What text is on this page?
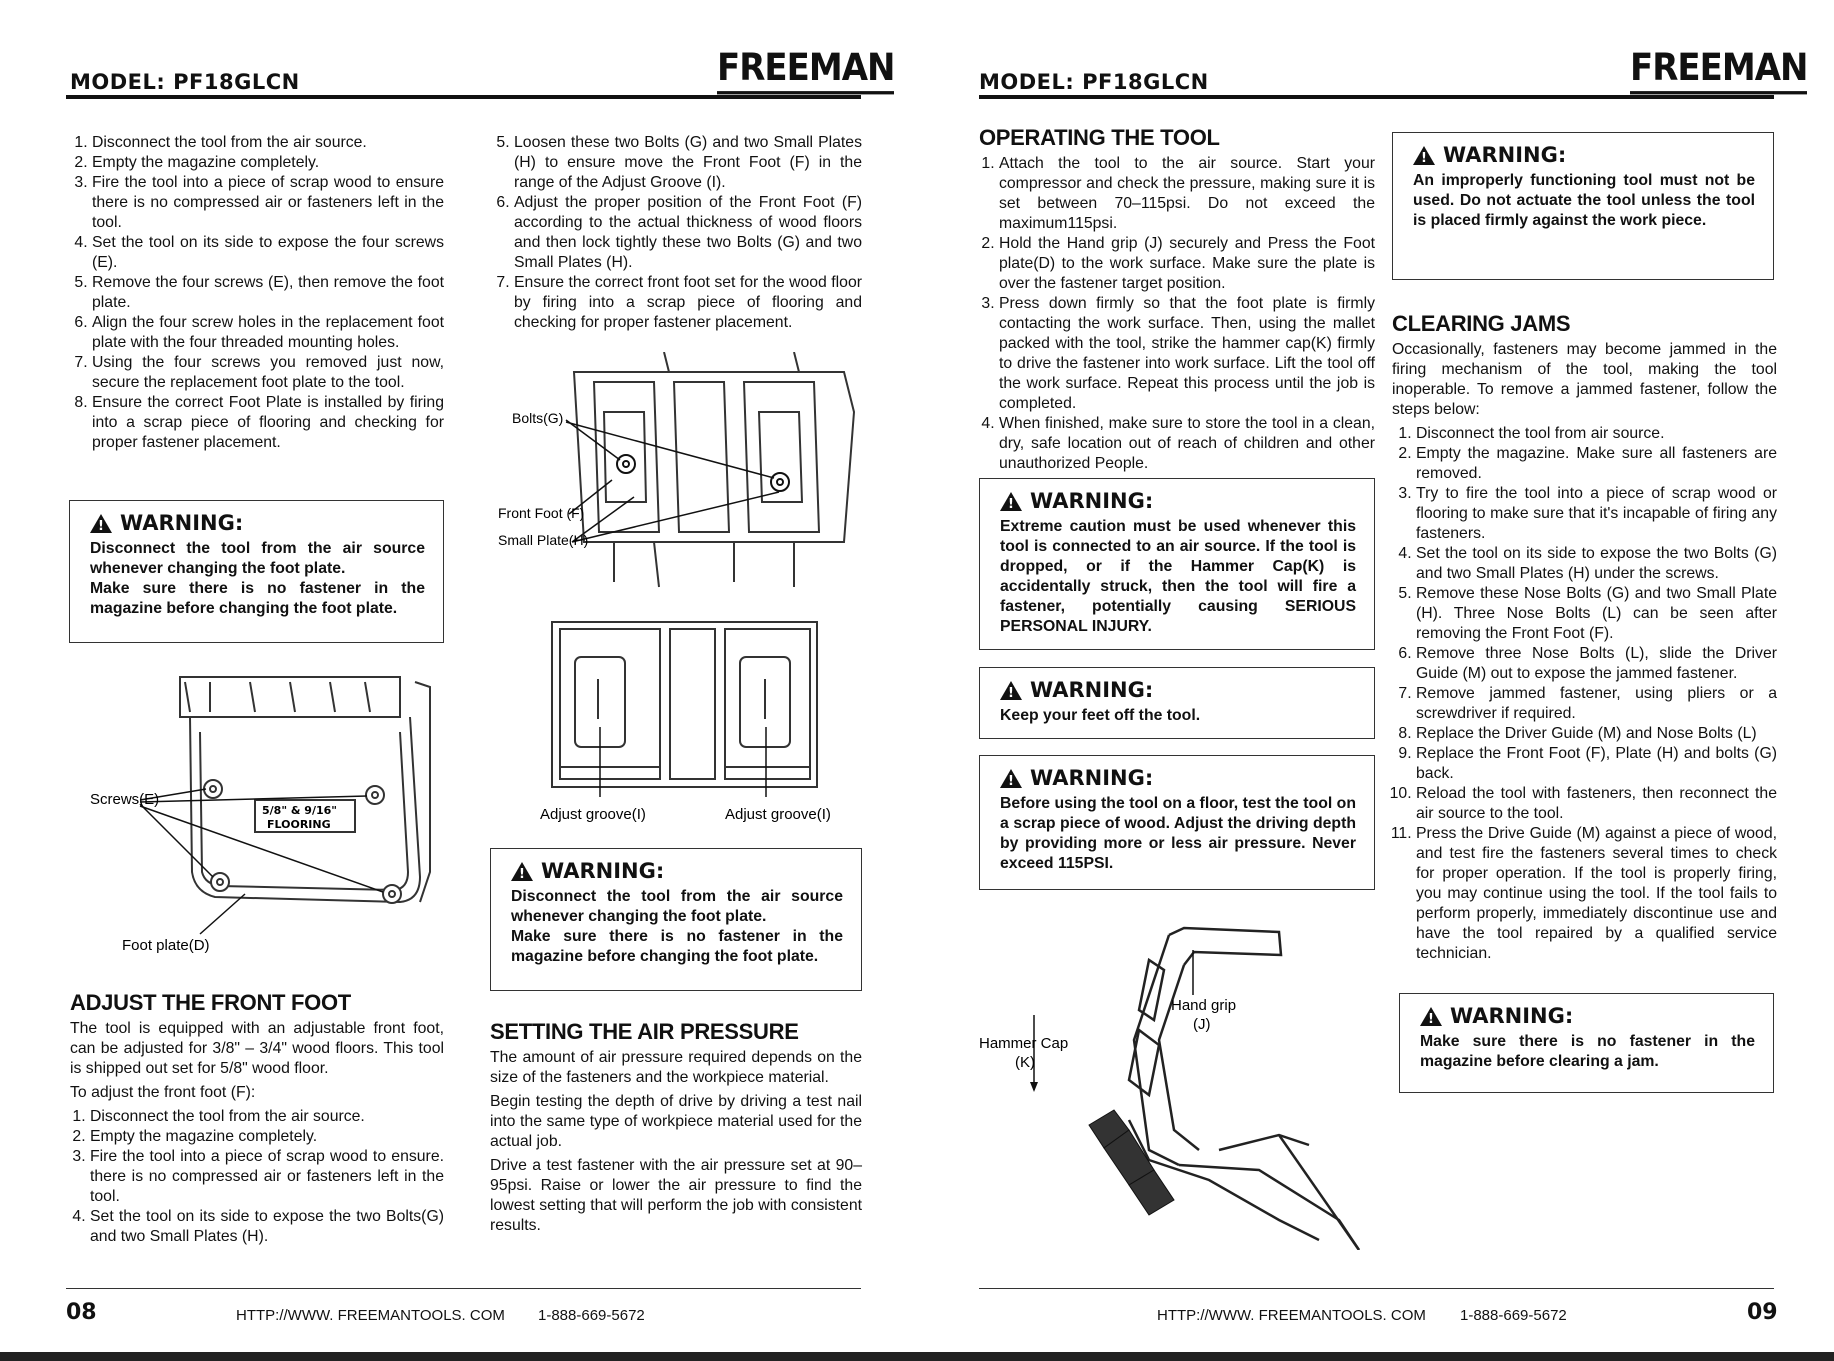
MODEL: PF18GLCN	FREEMAN
1. Disconnect the tool from the air source.
2. Empty the magazine completely.
3. Fire the tool into a piece of scrap wood to ensure there is no compressed air or fasteners left in the tool.
4. Set the tool on its side to expose the four screws (E).
5. Remove the four screws (E), then remove the foot plate.
6. Align the four screw holes in the replacement foot plate with the four threaded mounting holes.
7. Using the four screws you removed just now, secure the replacement foot plate to the tool.
8. Ensure the correct Foot Plate is installed by firing into a scrap piece of flooring and checking for proper fastener placement.
!
WARNING:

Disconnect the tool from the air source whenever changing the foot plate.

Make sure there is no fastener in the magazine before changing the foot plate.

5/8" & 9/16"
FLOORING
Screws(E)
Foot plate(D)
ADJUST THE FRONT FOOT

The tool is equipped with an adjustable front foot, can be adjusted for 3/8" – 3/4" wood floors. This tool is shipped out set for 5/8" wood floor.

To adjust the front foot (F):

1. Disconnect the tool from the air source.
2. Empty the magazine completely.
3. Fire the tool into a piece of scrap wood to ensure. there is no compressed air or fasteners left in the tool.
4. Set the tool on its side to expose the two Bolts(G) and two Small Plates (H).
5. Loosen these two Bolts (G) and two Small Plates (H) to ensure move the Front Foot (F) in the range of the Adjust Groove (I).
6. Adjust the proper position of the Front Foot (F) according to the actual thickness of wood floors and then lock tightly these two Bolts (G) and two Small Plates (H).
7. Ensure the correct front foot set for the wood floor by firing into a scrap piece of flooring and checking for proper fastener placement.
Bolts(G)
Front Foot (F)
Small Plate(H)
Adjust groove(I)	Adjust groove(I)
!
WARNING:

Disconnect the tool from the air source whenever changing the foot plate.

Make sure there is no fastener in the magazine before changing the foot plate.

SETTING THE AIR PRESSURE

The amount of air pressure required depends on the size of the fasteners and the workpiece material.

Begin testing the depth of drive by driving a test nail into the same type of workpiece material used for the actual job.

Drive a test fastener with the air pressure set at 90–95psi. Raise or lower the air pressure to find the lowest setting that will perform the job with consistent results.

08	HTTP://WWW. FREEMANTOOLS. COM 1-888-669-5672
MODEL: PF18GLCN	FREEMAN
OPERATING THE TOOL
1. Attach the tool to the air source. Start your compressor and check the pressure, making sure it is set between 70–115psi. Do not exceed the maximum115psi.
2. Hold the Hand grip (J) securely and Press the Foot plate(D) to the work surface. Make sure the plate is over the fastener target position.
3. Press down firmly so that the foot plate is firmly contacting the work surface. Then, using the mallet packed with the tool, strike the hammer cap(K) firmly to drive the fastener into work surface. Lift the tool off the work surface. Repeat this process until the job is completed.
4. When finished, make sure to store the tool in a clean, dry, safe location out of reach of children and other unauthorized People.
!
WARNING:

Extreme caution must be used whenever this tool is connected to an air source. If the tool is dropped, or if the Hammer Cap(K) is accidentally struck, then the tool will fire a fastener, potentially causing SERIOUS PERSONAL INJURY.

!
WARNING:

Keep your feet off the tool.

!
WARNING:

Before using the tool on a floor, test the tool on a scrap piece of wood. Adjust the driving depth by providing more or less air pressure. Never exceed 115PSI.

Hand grip
(J)
Hammer Cap
(K)
!
WARNING:

An improperly functioning tool must not be used. Do not actuate the tool unless the tool is placed firmly against the work piece.

CLEARING JAMS

Occasionally, fasteners may become jammed in the firing mechanism of the tool, making the tool inoperable. To remove a jammed fastener, follow the steps below:

1. Disconnect the tool from air source.
2. Empty the magazine. Make sure all fasteners are removed.
3. Try to fire the tool into a piece of scrap wood or flooring to make sure that it's incapable of firing any fasteners.
4. Set the tool on its side to expose the two Bolts (G) and two Small Plates (H) under the screws.
5. Remove these Nose Bolts (G) and two Small Plate (H). Three Nose Bolts (L) can be seen after removing the Front Foot (F).
6. Remove three Nose Bolts (L), slide the Driver Guide (M) out to expose the jammed fastener.
7. Remove jammed fastener, using pliers or a screwdriver if required.
8. Replace the Driver Guide (M) and Nose Bolts (L)
9. Replace the Front Foot (F), Plate (H) and bolts (G) back.
10. Reload the tool with fasteners, then reconnect the air source to the tool.
11. Press the Drive Guide (M) against a piece of wood, and test fire the fasteners several times to check for proper operation. If the tool is properly firing, you may continue using the tool. If the tool fails to perform properly, immediately discontinue use and have the tool repaired by a qualified service technician.
!
WARNING:

Make sure there is no fastener in the magazine before clearing a jam.

HTTP://WWW. FREEMANTOOLS. COM 1-888-669-5672	09
